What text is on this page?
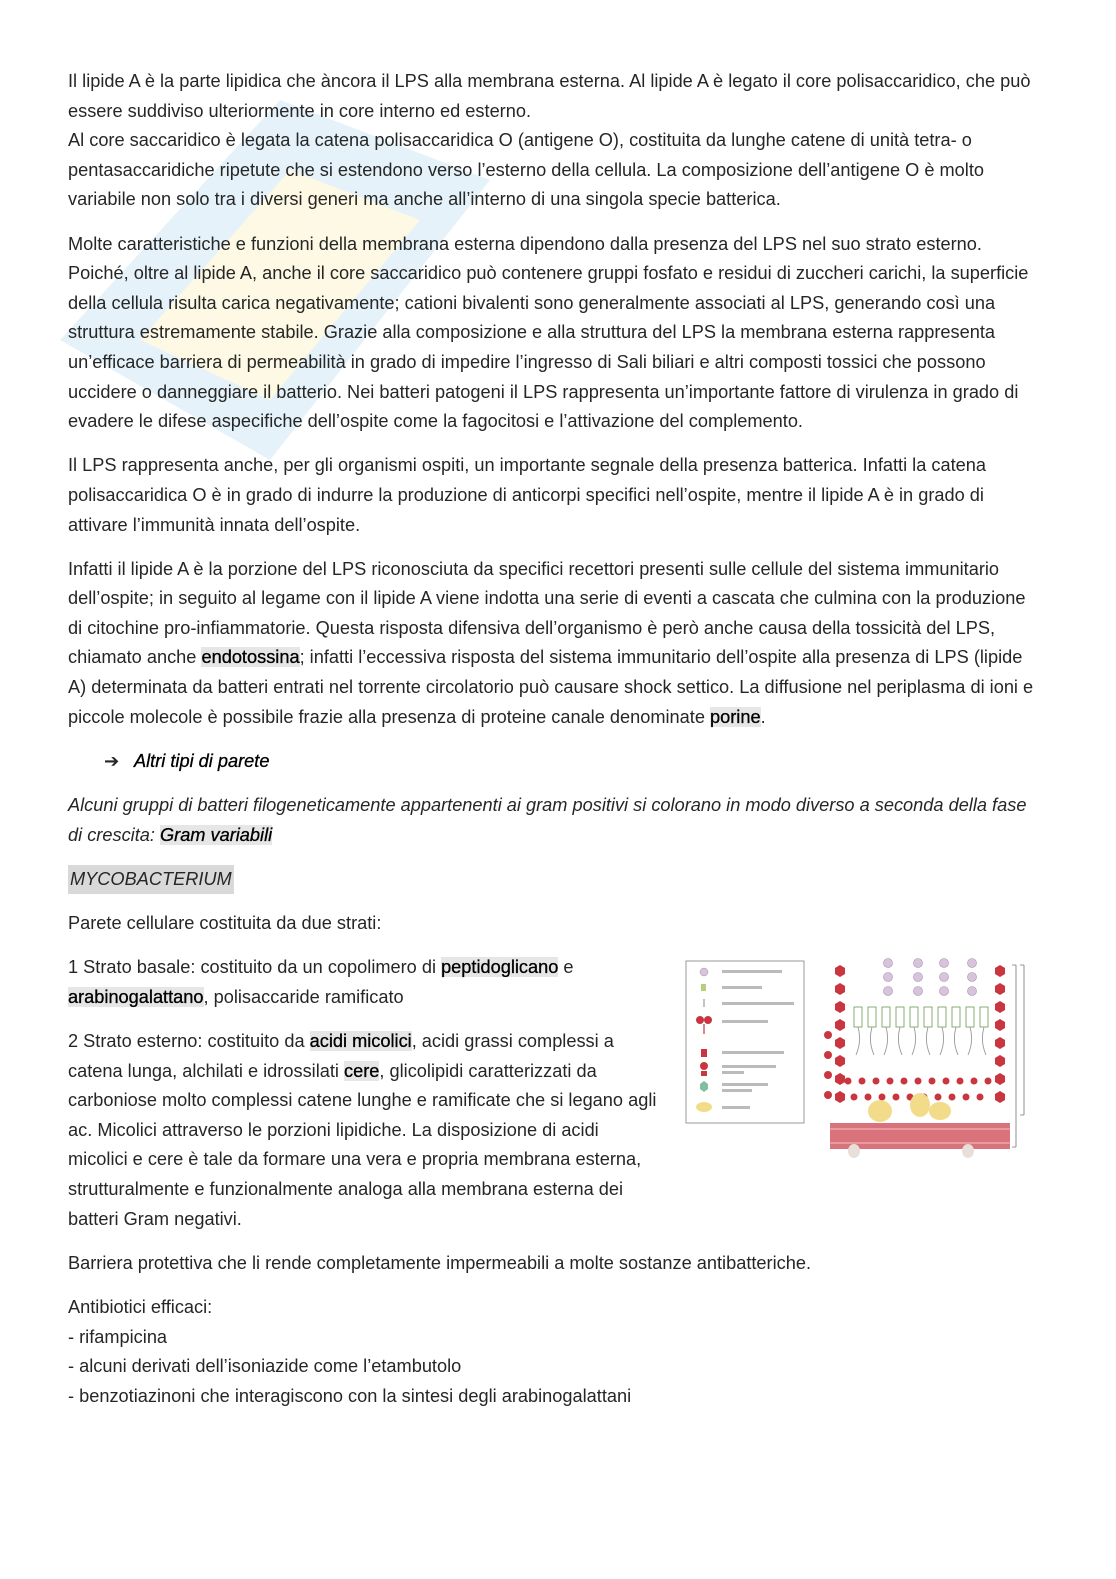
Il lipide A è la parte lipidica che àncora il LPS alla membrana esterna. Al lipide A è legato il core polisaccaridico, che può essere suddiviso ulteriormente in core interno ed esterno.
Al core saccaridico è legata la catena polisaccaridica O (antigene O), costituita da lunghe catene di unità tetra- o pentasaccaridiche ripetute che si estendono verso l’esterno della cellula. La composizione dell’antigene O è molto variabile non solo tra i diversi generi ma anche all’interno di una singola specie batterica.

Molte caratteristiche e funzioni della membrana esterna dipendono dalla presenza del LPS nel suo strato esterno. Poiché, oltre al lipide A, anche il core saccaridico può contenere gruppi fosfato e residui di zuccheri carichi, la superficie della cellula risulta carica negativamente; cationi bivalenti sono generalmente associati al LPS, generando così una struttura estremamente stabile. Grazie alla composizione e alla struttura del LPS la membrana esterna rappresenta un’efficace barriera di permeabilità in grado di impedire l’ingresso di Sali biliari e altri composti tossici che possono uccidere o danneggiare il batterio. Nei batteri patogeni il LPS rappresenta un’importante fattore di virulenza in grado di evadere le difese aspecifiche dell’ospite come la fagocitosi e l’attivazione del complemento.

Il LPS rappresenta anche, per gli organismi ospiti, un importante segnale della presenza batterica. Infatti la catena polisaccaridica O è in grado di indurre la produzione di anticorpi specifici nell’ospite, mentre il lipide A è in grado di attivare l’immunità innata dell’ospite.

Infatti il lipide A è la porzione del LPS riconosciuta da specifici recettori presenti sulle cellule del sistema immunitario dell’ospite; in seguito al legame con il lipide A viene indotta una serie di eventi a cascata che culmina con la produzione di citochine pro-infiammatorie. Questa risposta difensiva dell’organismo è però anche causa della tossicità del LPS, chiamato anche endotossina; infatti l’eccessiva risposta del sistema immunitario dell’ospite alla presenza di LPS (lipide A) determinata da batteri entrati nel torrente circolatorio può causare shock settico. La diffusione nel periplasma di ioni e piccole molecole è possibile frazie alla presenza di proteine canale denominate porine.

➔ Altri tipi di parete

Alcuni gruppi di batteri filogeneticamente appartenenti ai gram positivi si colorano in modo diverso a seconda della fase di crescita: Gram variabili

MYCOBACTERIUM

Parete cellulare costituita da due strati:

1 Strato basale: costituito da un copolimero di peptidoglicano e arabinogalattano, polisaccaride ramificato

2 Strato esterno: costituito da acidi micolici, acidi grassi complessi a catena lunga, alchilati e idrossilati cere, glicolipidi caratterizzati da carboniose molto complessi catene lunghe e ramificate che si legano agli ac. Micolici attraverso le porzioni lipidiche. La disposizione di acidi micolici e cere è tale da formare una vera e propria membrana esterna, strutturalmente e funzionalmente analoga alla membrana esterna dei batteri Gram negativi.

Barriera protettiva che li rende completamente impermeabili a molte sostanze antibatteriche.

Antibiotici efficaci:
- rifampicina
- alcuni derivati dell’isoniazide come l’etambutolo
- benzotiazinoni che interagiscono con la sintesi degli arabinogalattani
